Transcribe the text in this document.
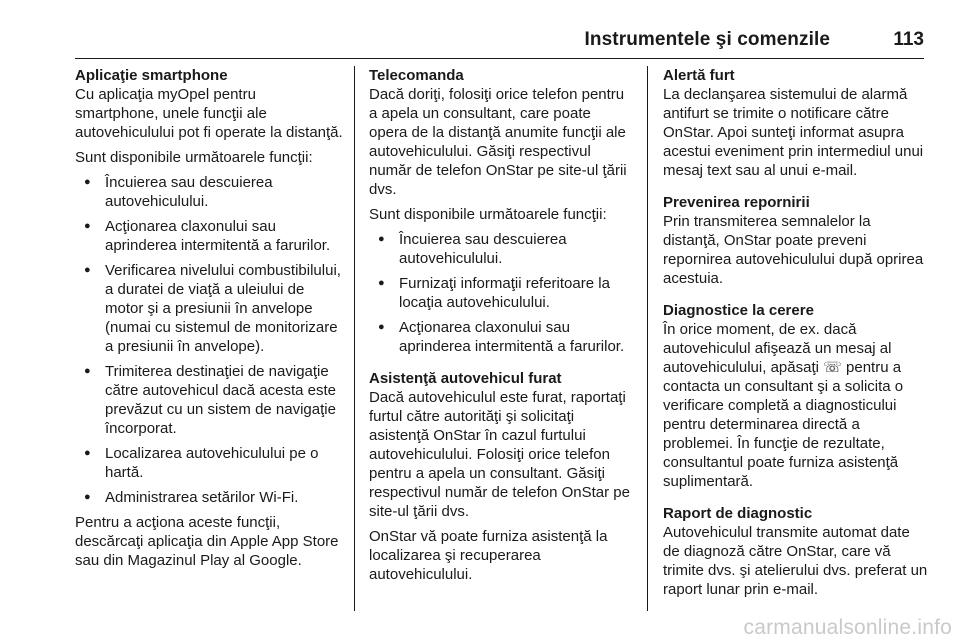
Instrumentele şi comenzile	113
Aplicaţie smartphone

Cu aplicaţia myOpel pentru smartphone, unele funcţii ale autovehiculului pot fi operate la distanţă.

Sunt disponibile următoarele funcţii:

● Încuierea sau descuierea autovehiculului.
● Acţionarea claxonului sau aprinderea intermitentă a farurilor.
● Verificarea nivelului combustibilului, a duratei de viaţă a uleiului de motor şi a presiunii în anvelope (numai cu sistemul de monitorizare a presiunii în anvelope).
● Trimiterea destinaţiei de navigaţie către autovehicul dacă acesta este prevăzut cu un sistem de navigaţie încorporat.
● Localizarea autovehiculului pe o hartă.
● Administrarea setărilor Wi-Fi.

Pentru a acţiona aceste funcţii, descărcaţi aplicaţia din Apple App Store sau din Magazinul Play al Google.

Telecomanda

Dacă doriţi, folosiţi orice telefon pentru a apela un consultant, care poate opera de la distanţă anumite funcţii ale autovehiculului. Găsiţi respectivul număr de telefon OnStar pe site-ul ţării dvs.

Sunt disponibile următoarele funcţii:

● Încuierea sau descuierea autovehiculului.
● Furnizaţi informaţii referitoare la locaţia autovehiculului.
● Acţionarea claxonului sau aprinderea intermitentă a farurilor.
Asistenţă autovehicul furat

Dacă autovehiculul este furat, raportaţi furtul către autorităţi şi solicitaţi asistenţă OnStar în cazul furtului autovehiculului. Folosiţi orice telefon pentru a apela un consultant. Găsiţi respectivul număr de telefon OnStar pe site-ul ţării dvs.

OnStar vă poate furniza asistenţă la localizarea şi recuperarea autovehiculului.

Alertă furt

La declanşarea sistemului de alarmă antifurt se trimite o notificare către OnStar. Apoi sunteţi informat asupra acestui eveniment prin intermediul unui mesaj text sau al unui e-mail.

Prevenirea repornirii

Prin transmiterea semnalelor la distanţă, OnStar poate preveni repornirea autovehiculului după oprirea acestuia.

Diagnostice la cerere

În orice moment, de ex. dacă autovehiculul afişează un mesaj al autovehiculului, apăsaţi ☏ pentru a contacta un consultant şi a solicita o verificare completă a diagnosticului pentru determinarea directă a problemei. În funcţie de rezultate, consultantul poate furniza asistenţă suplimentară.

Raport de diagnostic

Autovehiculul transmite automat date de diagnoză către OnStar, care vă trimite dvs. şi atelierului dvs. preferat un raport lunar prin e-mail.

carmanualsonline.info
